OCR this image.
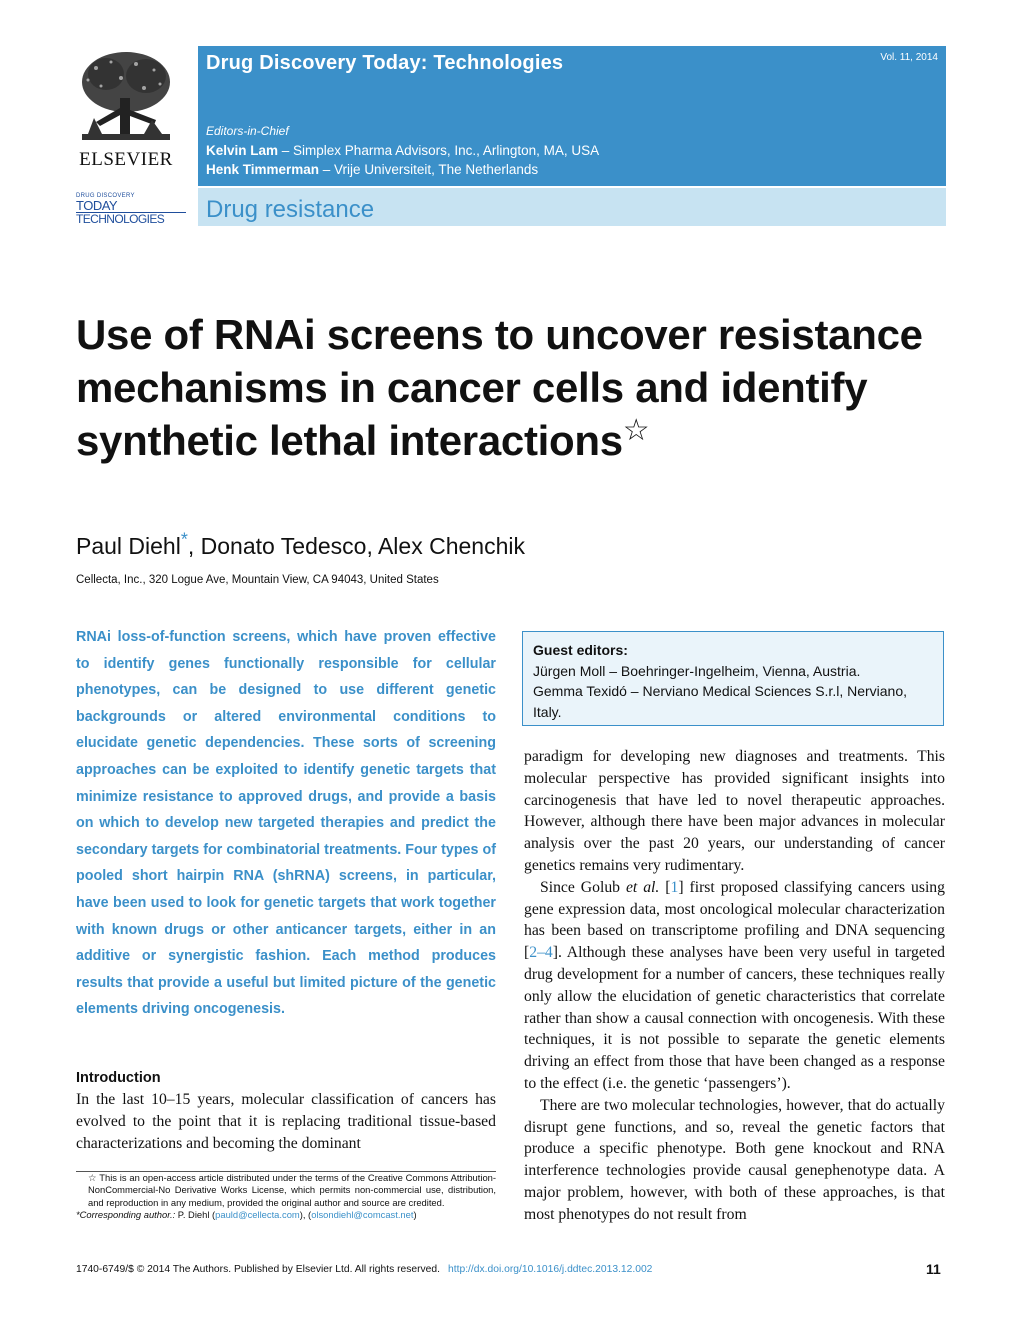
ELSEVIER
DRUG DISCOVERY
TODAY
TECHNOLOGIES
Drug Discovery Today: Technologies	Vol. 11, 2014
Editors-in-Chief
Kelvin Lam – Simplex Pharma Advisors, Inc., Arlington, MA, USA
Henk Timmerman – Vrije Universiteit, The Netherlands
Drug resistance
Use of RNAi screens to uncover resistance mechanisms in cancer cells and identify synthetic lethal interactions☆
Paul Diehl*, Donato Tedesco, Alex Chenchik
Cellecta, Inc., 320 Logue Ave, Mountain View, CA 94043, United States
RNAi loss-of-function screens, which have proven effective to identify genes functionally responsible for cellular phenotypes, can be designed to use different genetic backgrounds or altered environmental conditions to elucidate genetic dependencies. These sorts of screening approaches can be exploited to identify genetic targets that minimize resistance to approved drugs, and provide a basis on which to develop new targeted therapies and predict the secondary targets for combinatorial treatments. Four types of pooled short hairpin RNA (shRNA) screens, in particular, have been used to look for genetic targets that work together with known drugs or other anticancer targets, either in an additive or synergistic fashion. Each method produces results that provide a useful but limited picture of the genetic elements driving oncogenesis.
Introduction
In the last 10–15 years, molecular classification of cancers has evolved to the point that it is replacing traditional tissue-based characterizations and becoming the dominant
☆ This is an open-access article distributed under the terms of the Creative Commons Attribution-NonCommercial-No Derivative Works License, which permits non-commercial use, distribution, and reproduction in any medium, provided the original author and source are credited.
*Corresponding author.: P. Diehl (pauld@cellecta.com), (olsondiehl@comcast.net)
Guest editors:
Jürgen Moll – Boehringer-Ingelheim, Vienna, Austria.
Gemma Texidó – Nerviano Medical Sciences S.r.l, Nerviano, Italy.

paradigm for developing new diagnoses and treatments. This molecular perspective has provided significant insights into carcinogenesis that have led to novel therapeutic approaches. However, although there have been major advances in molecular analysis over the past 20 years, our understanding of cancer genetics remains very rudimentary.

Since Golub et al. [1] first proposed classifying cancers using gene expression data, most oncological molecular characterization has been based on transcriptome profiling and DNA sequencing [2–4]. Although these analyses have been very useful in targeted drug development for a number of cancers, these techniques really only allow the elucidation of genetic characteristics that correlate rather than show a causal connection with oncogenesis. With these techniques, it is not possible to separate the genetic elements driving an effect from those that have been changed as a response to the effect (i.e. the genetic ‘passengers’).

There are two molecular technologies, however, that do actually disrupt gene functions, and so, reveal the genetic factors that produce a specific phenotype. Both gene knockout and RNA interference technologies provide causal genephenotype data. A major problem, however, with both of these approaches, is that most phenotypes do not result from

1740-6749/$ © 2014 The Authors. Published by Elsevier Ltd. All rights reserved. http://dx.doi.org/10.1016/j.ddtec.2013.12.002	11
